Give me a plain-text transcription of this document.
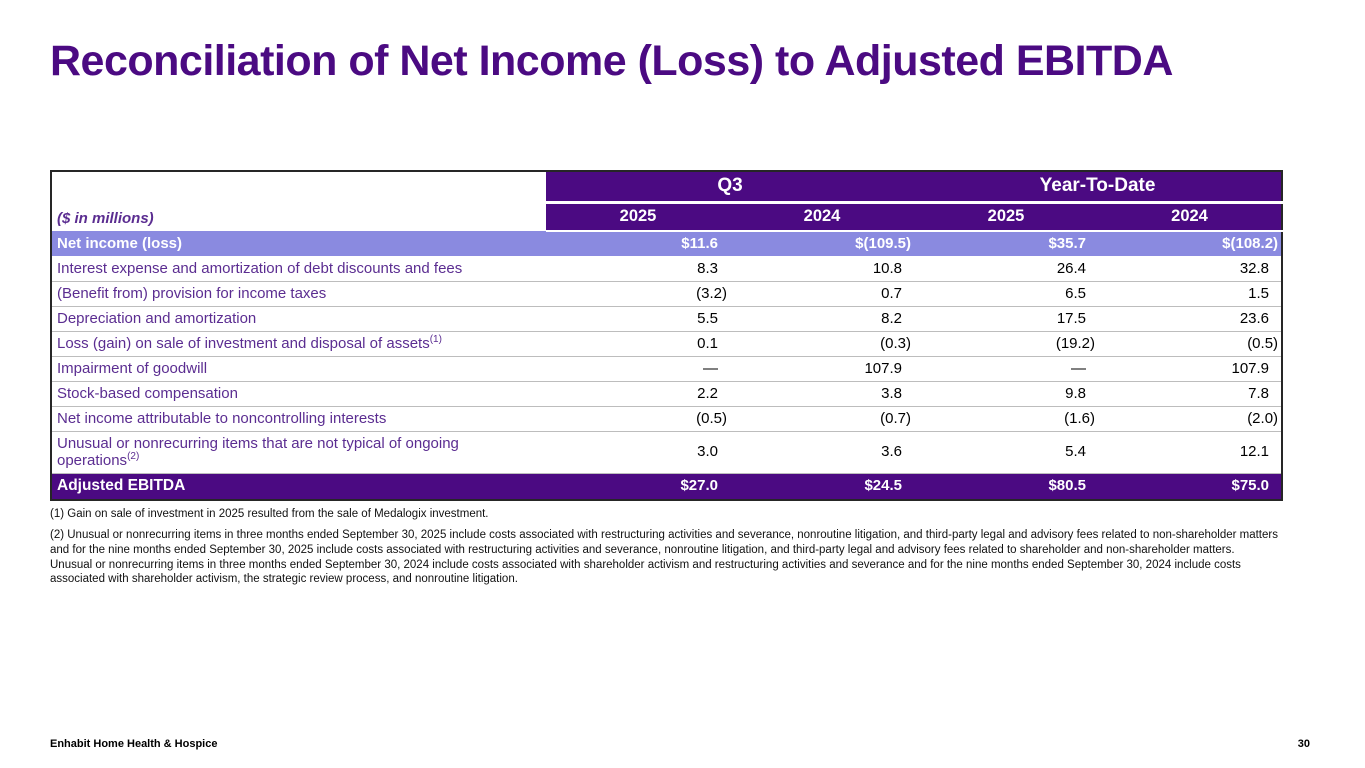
Reconciliation of Net Income (Loss) to Adjusted EBITDA
	Q3		Year-To-Date	
($ in millions)	2025	2024	2025	2024
Net income (loss)	$11.6	$(109.5)	$35.7	$(108.2)
Interest expense and amortization of debt discounts and fees	8.3	10.8	26.4	32.8
(Benefit from) provision for income taxes	(3.2)	0.7	6.5	1.5
Depreciation and amortization	5.5	8.2	17.5	23.6
Loss (gain) on sale of investment and disposal of assets$^{(1)}$	0.1	(0.3)	(19.2)	(0.5)
Impairment of goodwill	—	107.9	—	107.9
Stock-based compensation	2.2	3.8	9.8	7.8
Net income attributable to noncontrolling interests	(0.5)	(0.7)	(1.6)	(2.0)
Unusual or nonrecurring items that are not typical of ongoing operations$^{(2)}$	3.0	3.6	5.4	12.1
Adjusted EBITDA	$27.0	$24.5	$80.5	$75.0

(1) Gain on sale of investment in 2025 resulted from the sale of Medalogix investment.

(2) Unusual or nonrecurring items in three months ended September 30, 2025 include costs associated with restructuring activities and severance, nonroutine litigation, and third-party legal and advisory fees related to non-shareholder matters and for the nine months ended September 30, 2025 include costs associated with restructuring activities and severance, nonroutine litigation, and third-party legal and advisory fees related to shareholder and non-shareholder matters. Unusual or nonrecurring items in three months ended September 30, 2024 include costs associated with shareholder activism and restructuring activities and severance and for the nine months ended September 30, 2024 include costs associated with shareholder activism, the strategic review process, and nonroutine litigation.

Enhabit Home Health & Hospice	30
